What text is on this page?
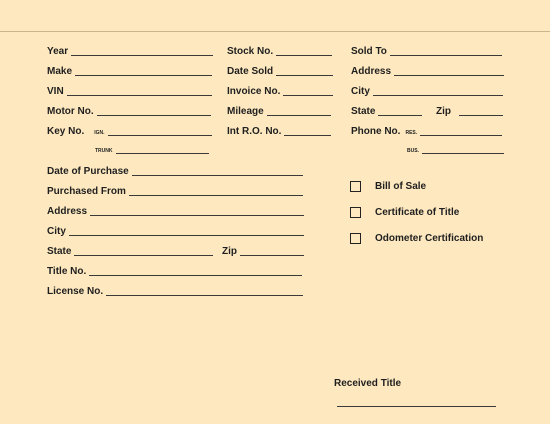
Year
Make
VIN
Motor No.
Key No. IGN.
TRUNK
Stock No.
Date Sold
Invoice No.
Mileage
Int R.O. No.
Sold To
Address
City
State	Zip
Phone No. RES.
BUS.
Date of Purchase
Purchased From
Address
City
State	Zip
Title No.
License No.
Bill of Sale
Certificate of Title
Odometer Certification
Received Title
